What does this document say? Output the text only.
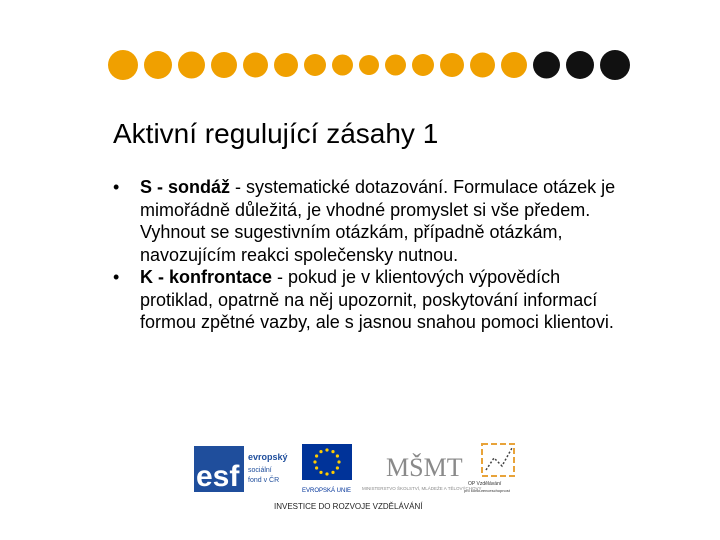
Aktivní regulující zásahy 1
• S - sondáž - systematické dotazování. Formulace otázek je mimořádně důležitá, je vhodné promyslet si vše předem. Vyhnout se sugestivním otázkám, případně otázkám, navozujícím reakci společensky nutnou.
• K - konfrontace - pokud je v klientových výpovědích protiklad, opatrně na něj upozornit, poskytování informací formou zpětné vazby, ale s jasnou snahou pomoci klientovi.
esf
evropský
sociální
fond v ČR
EVROPSKÁ UNIE
MŠMT
MINISTERSTVO ŠKOLSTVÍ, MLÁDEŽE A TĚLOVÝCHOVY
OP Vzdělávání
pro konkurenceschopnost
INVESTICE DO ROZVOJE VZDĚLÁVÁNÍ
